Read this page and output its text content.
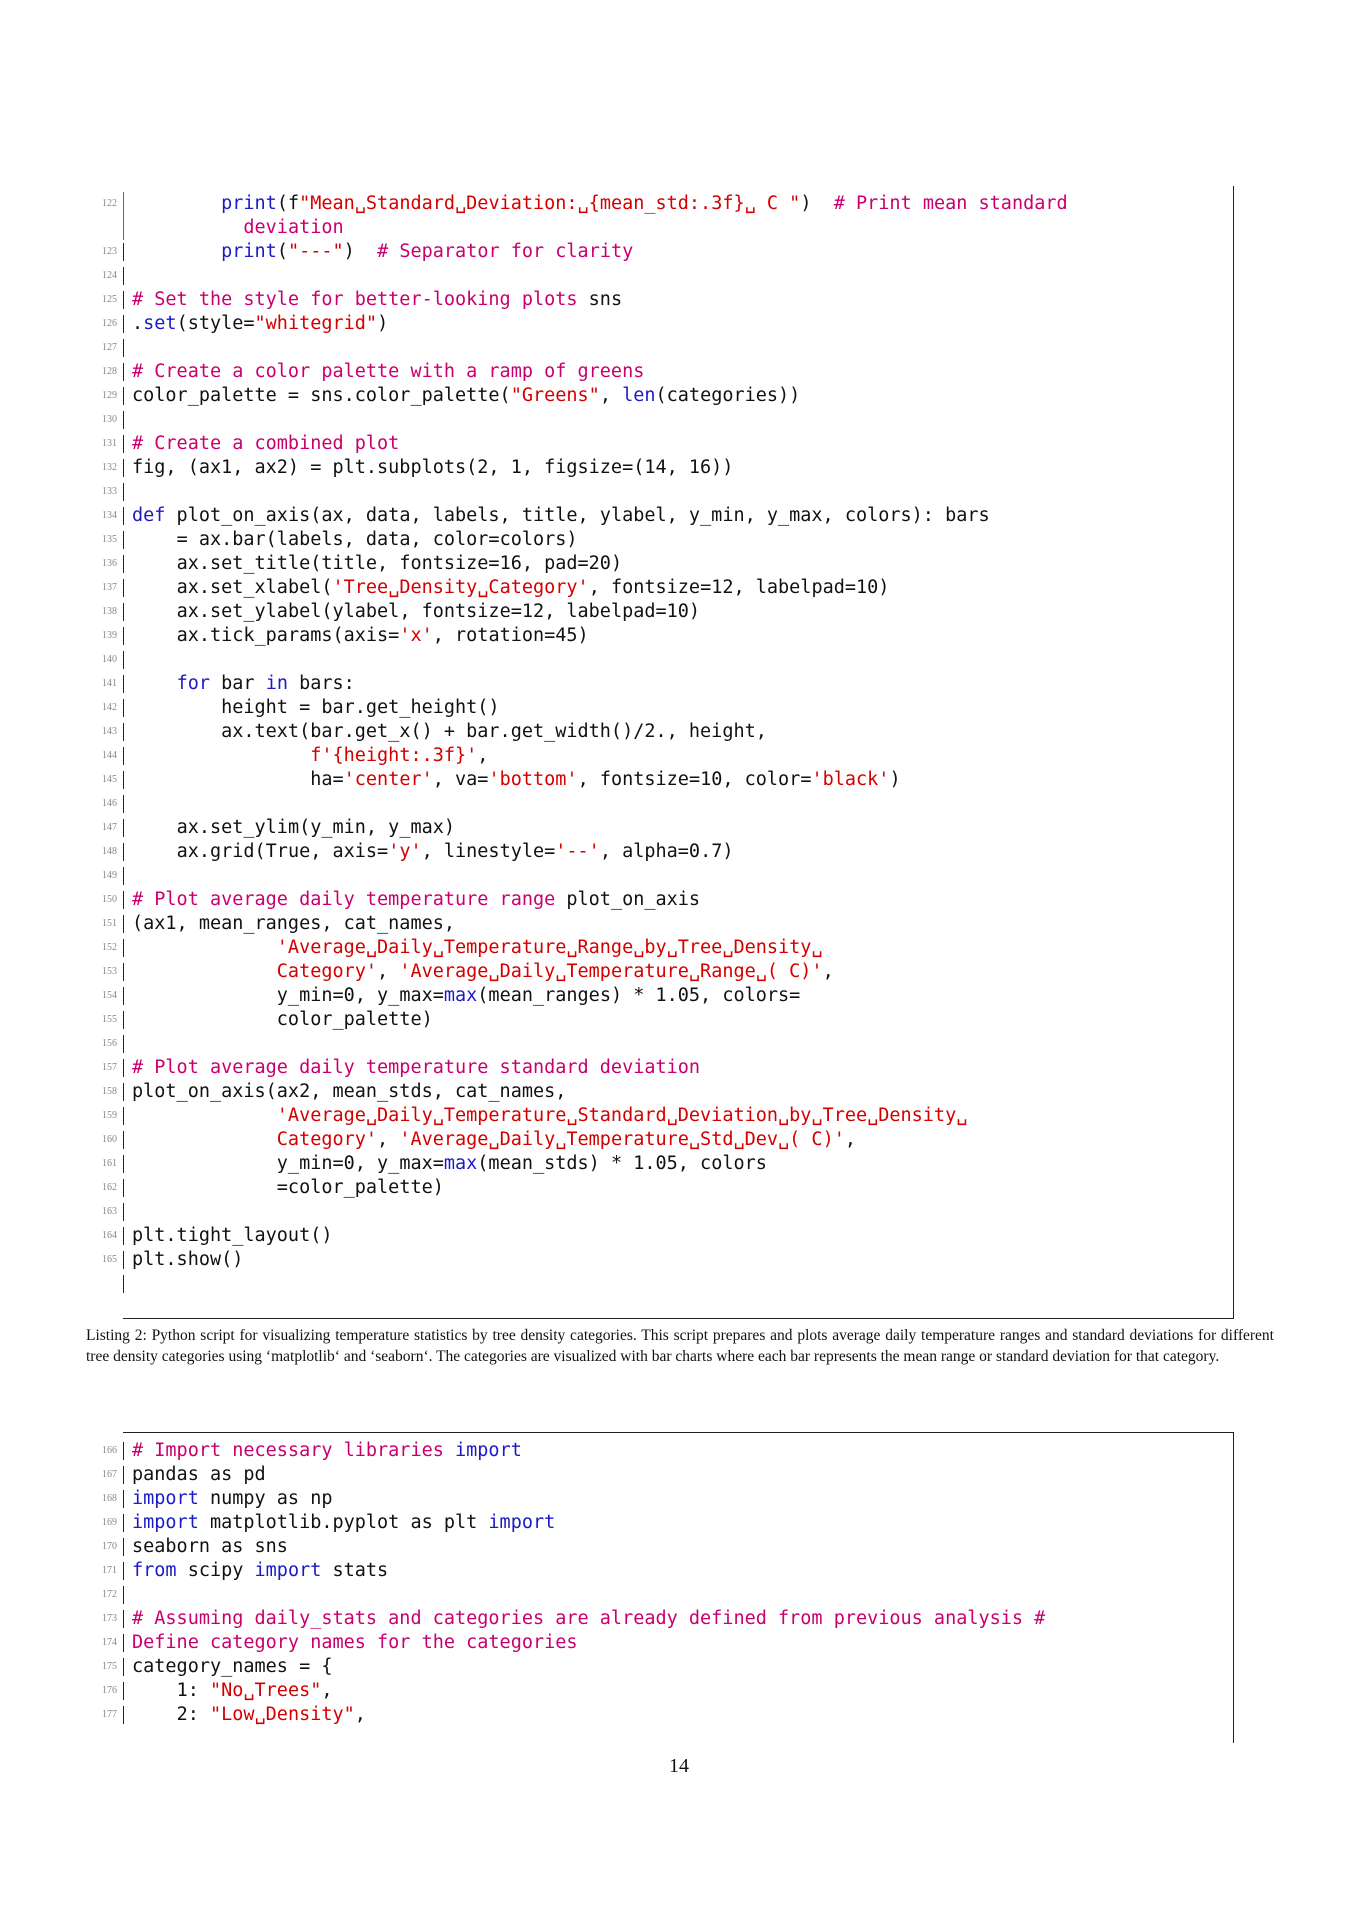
122	print(f"Mean␣Standard␣Deviation:␣{mean_std:.3f}␣ C ")  # Print mean standard
deviation
123	print("---")  # Separator for clarity
124
125 # Set the style for better-looking plots sns
126 .set(style="whitegrid")
127
128 # Create a color palette with a ramp of greens
129 color_palette = sns.color_palette("Greens", len(categories))
130
131 # Create a combined plot
132 fig, (ax1, ax2) = plt.subplots(2, 1, figsize=(14, 16))
133
134 def plot_on_axis(ax, data, labels, title, ylabel, y_min, y_max, colors): bars
135	= ax.bar(labels, data, color=colors)
136	ax.set_title(title, fontsize=16, pad=20)
137	ax.set_xlabel('Tree␣Density␣Category', fontsize=12, labelpad=10)
138	ax.set_ylabel(ylabel, fontsize=12, labelpad=10)
139	ax.tick_params(axis='x', rotation=45)
140
141	for bar in bars:
142	height = bar.get_height()
143	ax.text(bar.get_x() + bar.get_width()/2., height,
144	f'{height:.3f}',
145	ha='center', va='bottom', fontsize=10, color='black')
146
147	ax.set_ylim(y_min, y_max)
148	ax.grid(True, axis='y', linestyle='--', alpha=0.7)
149
150 # Plot average daily temperature range plot_on_axis
151 (ax1, mean_ranges, cat_names,
152	'Average␣Daily␣Temperature␣Range␣by␣Tree␣Density␣
153	Category', 'Average␣Daily␣Temperature␣Range␣( C)',
154	y_min=0, y_max=max(mean_ranges) * 1.05, colors=
155	color_palette)
156
157 # Plot average daily temperature standard deviation
158 plot_on_axis(ax2, mean_stds, cat_names,
159	'Average␣Daily␣Temperature␣Standard␣Deviation␣by␣Tree␣Density␣
160	Category', 'Average␣Daily␣Temperature␣Std␣Dev␣( C)',
161	y_min=0, y_max=max(mean_stds) * 1.05, colors
162	=color_palette)
163
164 plt.tight_layout()
165 plt.show()

Listing 2: Python script for visualizing temperature statistics by tree density categories. This script prepares and plots average daily temperature ranges and standard deviations for different tree density categories using ‘matplotlib‘ and ‘seaborn‘. The categories are visualized with bar charts where each bar represents the mean range or standard deviation for that category.

166 # Import necessary libraries import
167 pandas as pd
168 import numpy as np
169 import matplotlib.pyplot as plt import
170 seaborn as sns
171 from scipy import stats
172
173 # Assuming daily_stats and categories are already defined from previous analysis #
174 Define category names for the categories
175 category_names = {
176	1: "No␣Trees",
177	2: "Low␣Density",
14
